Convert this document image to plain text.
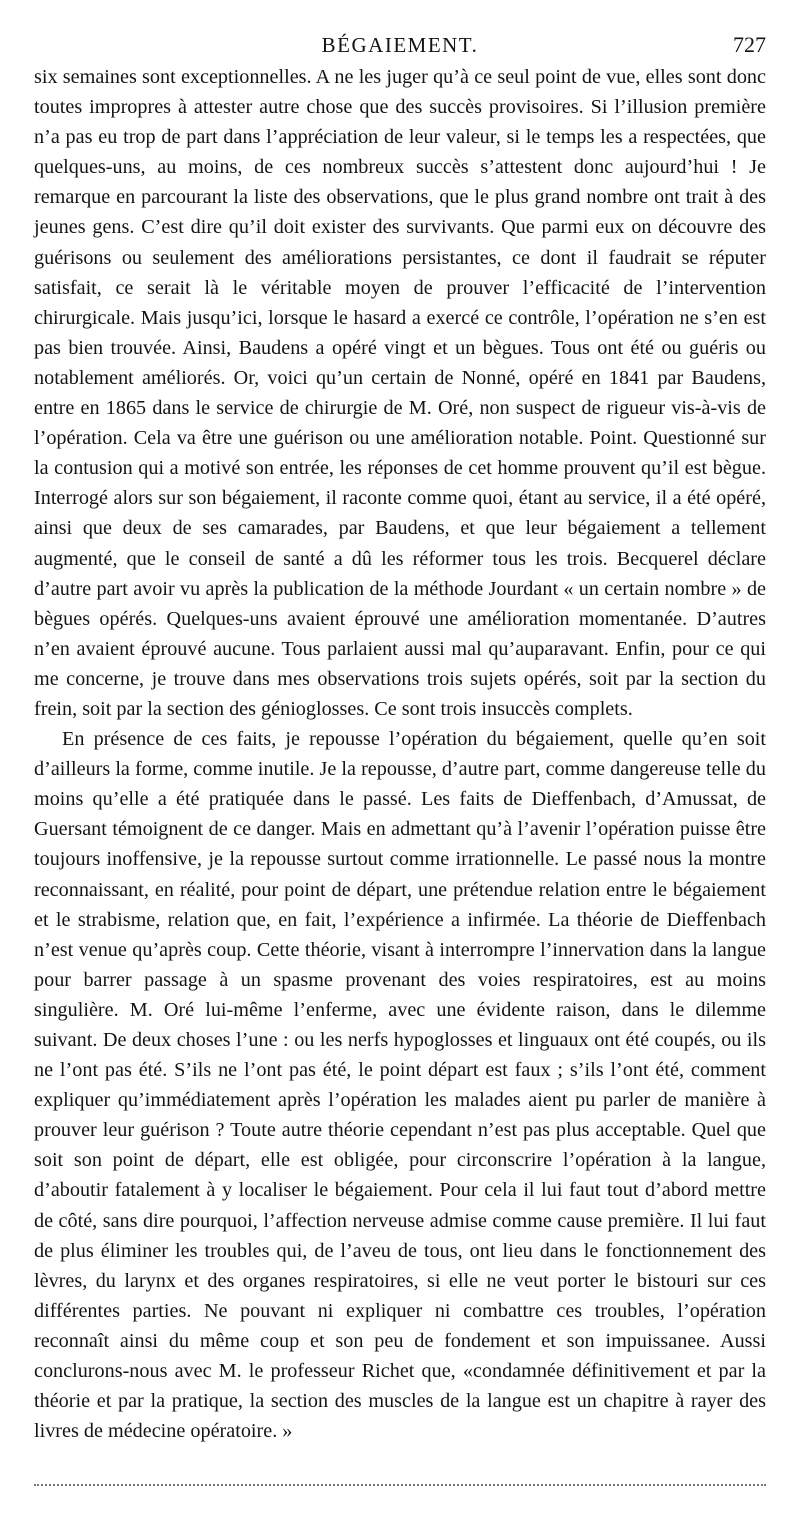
BÉGAIEMENT.	727

six semaines sont exceptionnelles. A ne les juger qu’à ce seul point de vue, elles sont donc toutes impropres à attester autre chose que des succès provisoires. Si l’illusion première n’a pas eu trop de part dans l’appréciation de leur valeur, si le temps les a respectées, que quelques-uns, au moins, de ces nombreux succès s’attestent donc aujourd’hui ! Je remarque en parcourant la liste des observations, que le plus grand nombre ont trait à des jeunes gens. C’est dire qu’il doit exister des survivants. Que parmi eux on découvre des guérisons ou seulement des améliorations persistantes, ce dont il faudrait se réputer satisfait, ce serait là le véritable moyen de prouver l’efficacité de l’intervention chirurgicale. Mais jusqu’ici, lorsque le hasard a exercé ce contrôle, l’opération ne s’en est pas bien trouvée. Ainsi, Baudens a opéré vingt et un bègues. Tous ont été ou guéris ou notablement améliorés. Or, voici qu’un certain de Nonné, opéré en 1841 par Baudens, entre en 1865 dans le service de chirurgie de M. Oré, non suspect de rigueur vis-à-vis de l’opération. Cela va être une guérison ou une amélioration notable. Point. Questionné sur la contusion qui a motivé son entrée, les réponses de cet homme prouvent qu’il est bègue. Interrogé alors sur son bégaiement, il raconte comme quoi, étant au service, il a été opéré, ainsi que deux de ses camarades, par Baudens, et que leur bégaiement a tellement augmenté, que le conseil de santé a dû les réformer tous les trois. Becquerel déclare d’autre part avoir vu après la publication de la méthode Jourdant « un certain nombre » de bègues opérés. Quelques-uns avaient éprouvé une amélioration momentanée. D’autres n’en avaient éprouvé aucune. Tous parlaient aussi mal qu’auparavant. Enfin, pour ce qui me concerne, je trouve dans mes observations trois sujets opérés, soit par la section du frein, soit par la section des génioglosses. Ce sont trois insuccès complets.

En présence de ces faits, je repousse l’opération du bégaiement, quelle qu’en soit d’ailleurs la forme, comme inutile. Je la repousse, d’autre part, comme dangereuse telle du moins qu’elle a été pratiquée dans le passé. Les faits de Dieffenbach, d’Amussat, de Guersant témoignent de ce danger. Mais en admettant qu’à l’avenir l’opération puisse être toujours inoffensive, je la repousse surtout comme irrationnelle. Le passé nous la montre reconnaissant, en réalité, pour point de départ, une prétendue relation entre le bégaiement et le strabisme, relation que, en fait, l’expérience a infirmée. La théorie de Dieffenbach n’est venue qu’après coup. Cette théorie, visant à interrompre l’innervation dans la langue pour barrer passage à un spasme provenant des voies respiratoires, est au moins singulière. M. Oré lui-même l’enferme, avec une évidente raison, dans le dilemme suivant. De deux choses l’une : ou les nerfs hypoglosses et linguaux ont été coupés, ou ils ne l’ont pas été. S’ils ne l’ont pas été, le point départ est faux ; s’ils l’ont été, comment expliquer qu’immédiatement après l’opération les malades aient pu parler de manière à prouver leur guérison ? Toute autre théorie cependant n’est pas plus acceptable. Quel que soit son point de départ, elle est obligée, pour circonscrire l’opération à la langue, d’aboutir fatalement à y localiser le bégaiement. Pour cela il lui faut tout d’abord mettre de côté, sans dire pourquoi, l’affection nerveuse admise comme cause première. Il lui faut de plus éliminer les troubles qui, de l’aveu de tous, ont lieu dans le fonctionnement des lèvres, du larynx et des organes respiratoires, si elle ne veut porter le bistouri sur ces différentes parties. Ne pouvant ni expliquer ni combattre ces troubles, l’opération reconnaît ainsi du même coup et son peu de fondement et son impuissanee. Aussi conclurons-nous avec M. le professeur Richet que, «condamnée définitivement et par la théorie et par la pratique, la section des muscles de la langue est un chapitre à rayer des livres de médecine opératoire. »
